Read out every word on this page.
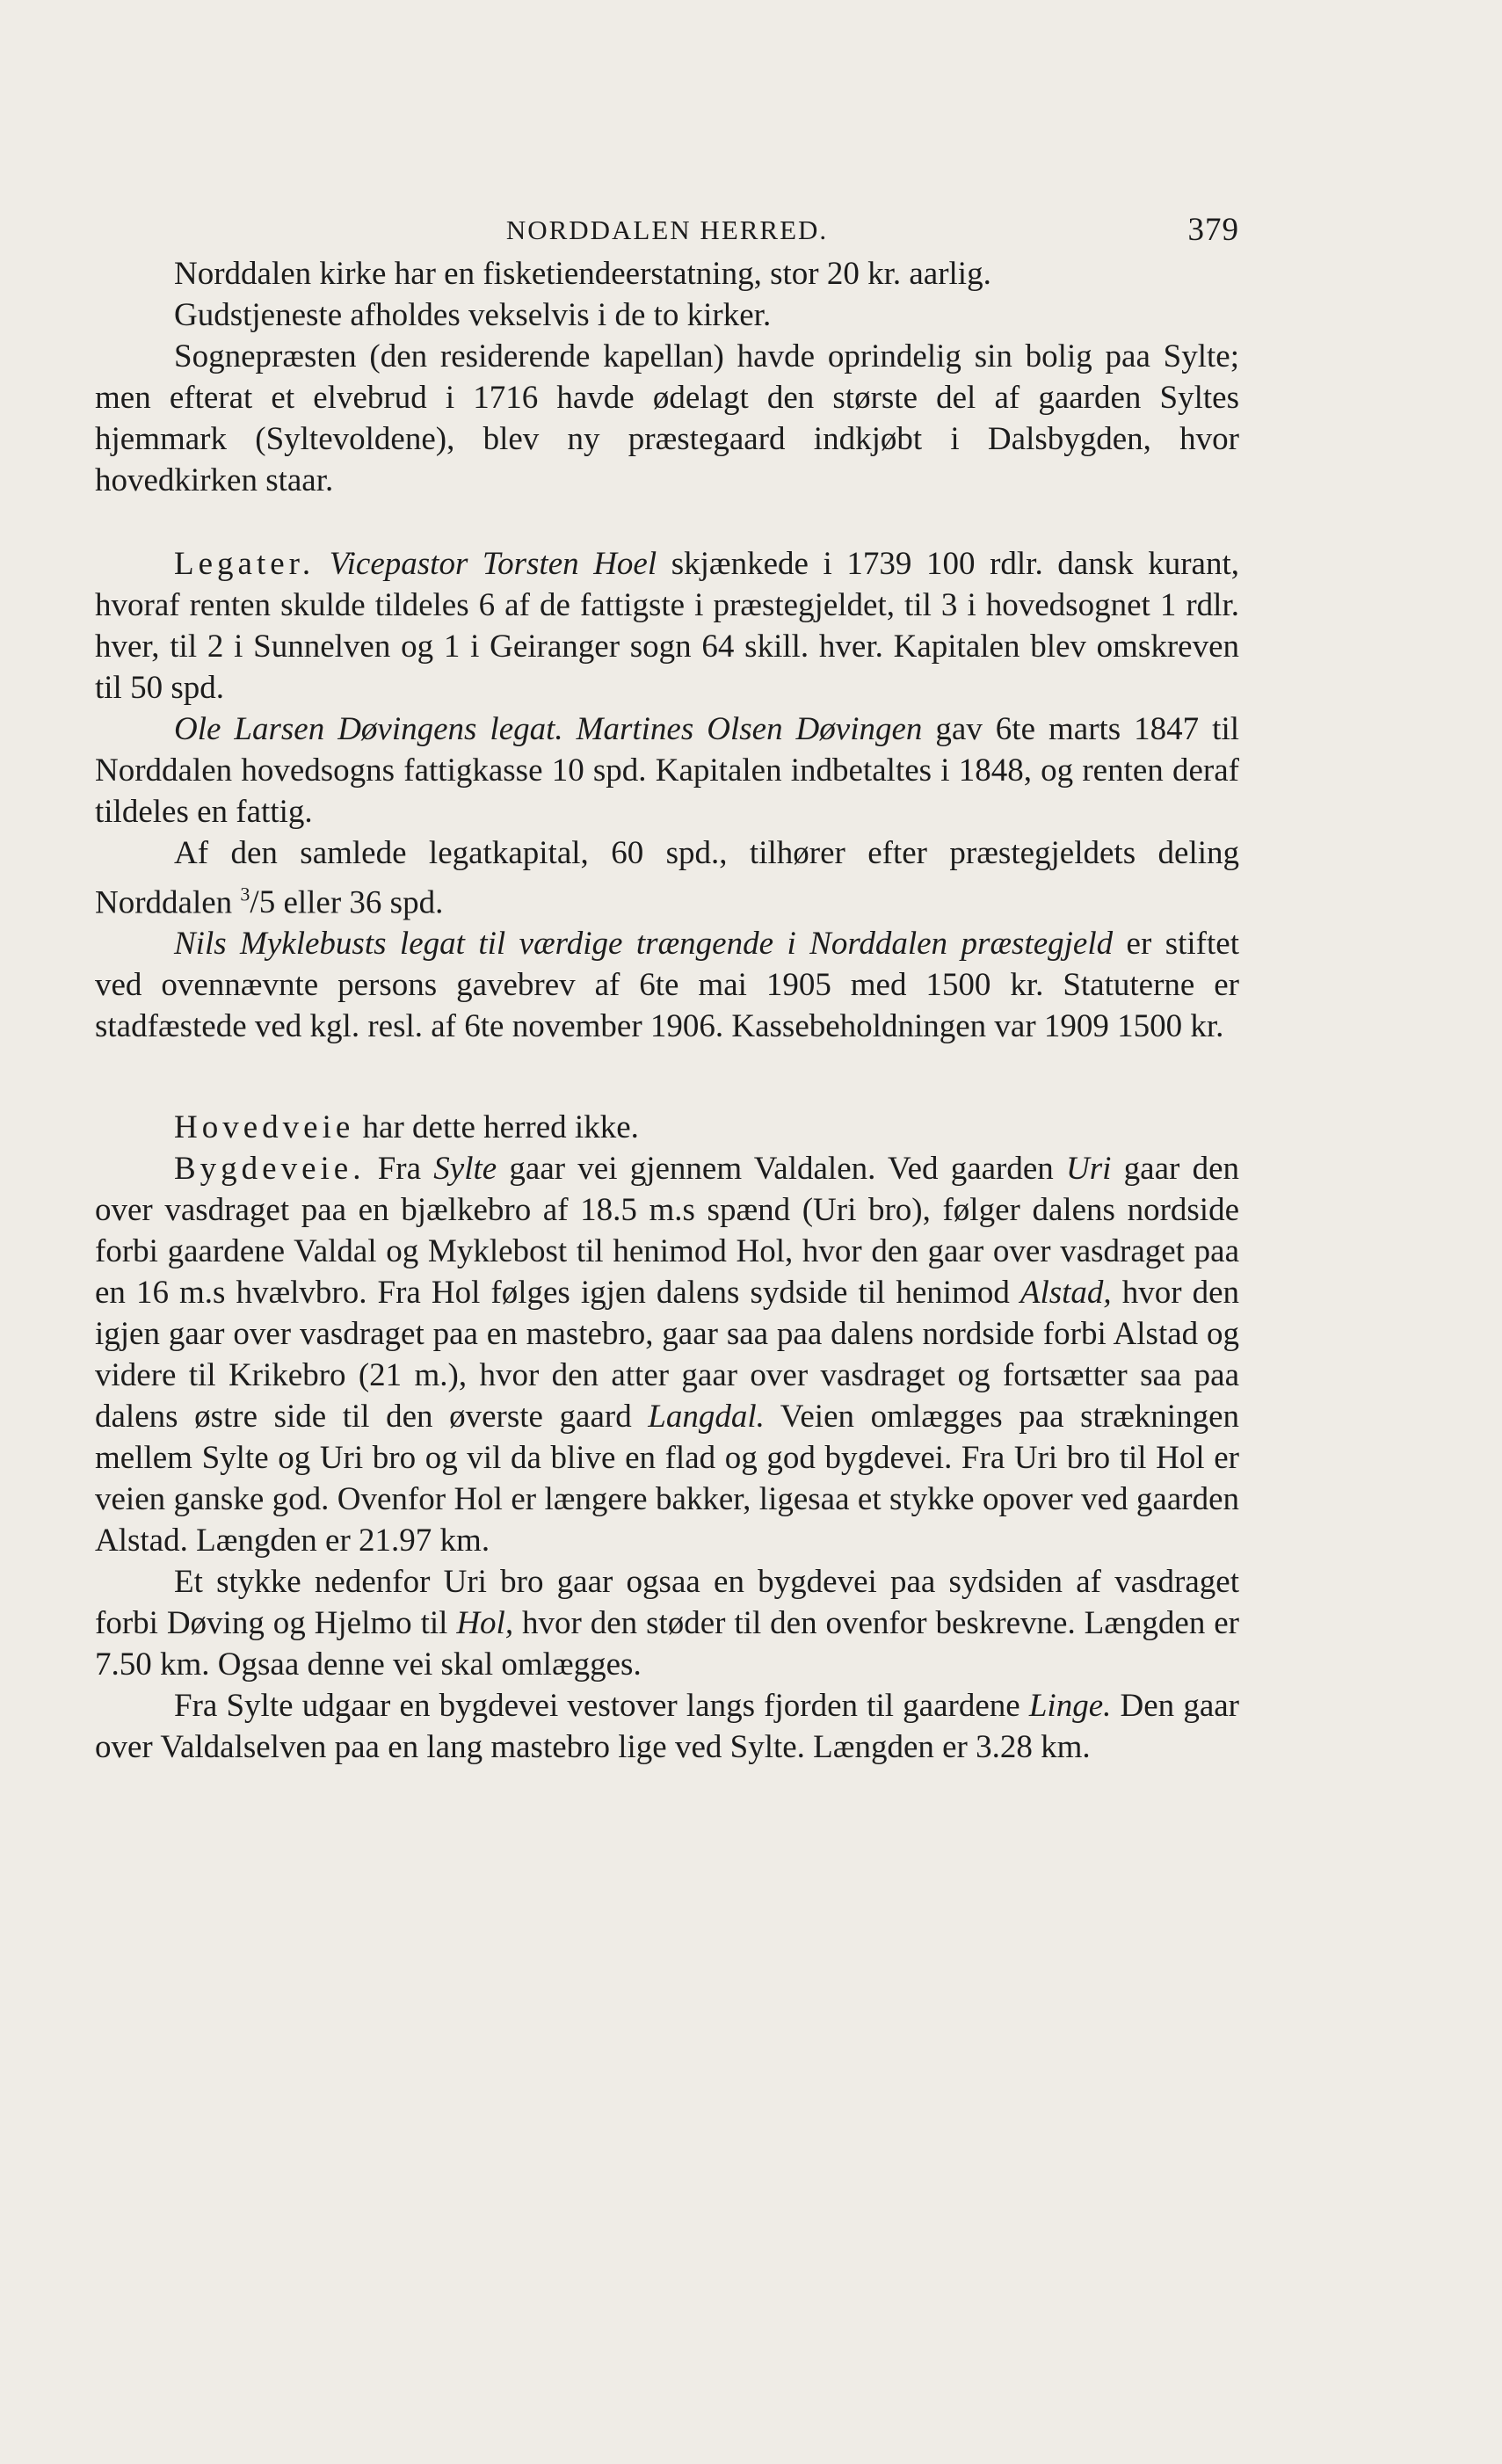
NORDDALEN HERRED.	379

Norddalen kirke har en fisketiendeerstatning, stor 20 kr. aarlig.

Gudstjeneste afholdes vekselvis i de to kirker.

Sognepræsten (den residerende kapellan) havde oprindelig sin bolig paa Sylte; men efterat et elvebrud i 1716 havde ødelagt den største del af gaarden Syltes hjemmark (Syltevoldene), blev ny præstegaard indkjøbt i Dalsbygden, hvor hovedkirken staar.

Legater. Vicepastor Torsten Hoel skjænkede i 1739 100 rdlr. dansk kurant, hvoraf renten skulde tildeles 6 af de fattigste i præstegjeldet, til 3 i hovedsognet 1 rdlr. hver, til 2 i Sunnelven og 1 i Geiranger sogn 64 skill. hver. Kapitalen blev omskreven til 50 spd.

Ole Larsen Døvingens legat. Martines Olsen Døvingen gav 6te marts 1847 til Norddalen hovedsogns fattigkasse 10 spd. Kapitalen indbetaltes i 1848, og renten deraf tildeles en fattig.

Af den samlede legatkapital, 60 spd., tilhører efter præstegjeldets deling Norddalen $^3$/5 eller 36 spd.

Nils Myklebusts legat til værdige trængende i Norddalen præstegjeld er stiftet ved ovennævnte persons gavebrev af 6te mai 1905 med 1500 kr. Statuterne er stadfæstede ved kgl. resl. af 6te november 1906. Kassebeholdningen var 1909 1500 kr.

Hovedveie har dette herred ikke.

Bygdeveie. Fra Sylte gaar vei gjennem Valdalen. Ved gaarden Uri gaar den over vasdraget paa en bjælkebro af 18.5 m.s spænd (Uri bro), følger dalens nordside forbi gaardene Valdal og Myklebost til henimod Hol, hvor den gaar over vasdraget paa en 16 m.s hvælvbro. Fra Hol følges igjen dalens sydside til henimod Alstad, hvor den igjen gaar over vasdraget paa en mastebro, gaar saa paa dalens nordside forbi Alstad og videre til Krikebro (21 m.), hvor den atter gaar over vasdraget og fortsætter saa paa dalens østre side til den øverste gaard Langdal. Veien omlægges paa strækningen mellem Sylte og Uri bro og vil da blive en flad og god bygdevei. Fra Uri bro til Hol er veien ganske god. Ovenfor Hol er længere bakker, ligesaa et stykke opover ved gaarden Alstad. Længden er 21.97 km.

Et stykke nedenfor Uri bro gaar ogsaa en bygdevei paa sydsiden af vasdraget forbi Døving og Hjelmo til Hol, hvor den støder til den ovenfor beskrevne. Længden er 7.50 km. Ogsaa denne vei skal omlægges.

Fra Sylte udgaar en bygdevei vestover langs fjorden til gaardene Linge. Den gaar over Valdalselven paa en lang mastebro lige ved Sylte. Længden er 3.28 km.
